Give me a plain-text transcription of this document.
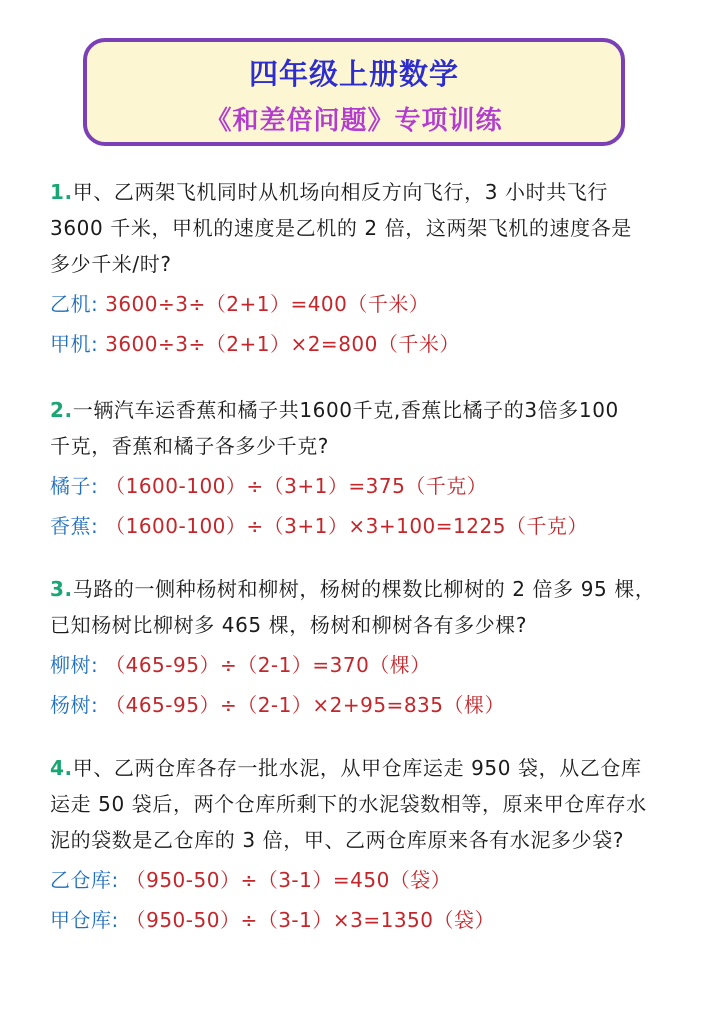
四年级上册数学
《和差倍问题》专项训练

1.甲、乙两架飞机同时从机场向相反方向飞行，3 小时共飞行

3600 千米，甲机的速度是乙机的 2 倍，这两架飞机的速度各是

多少千米/时?

乙机: 3600÷3÷（2+1）=400（千米）

甲机: 3600÷3÷（2+1）×2=800（千米）

2.一辆汽车运香蕉和橘子共1600千克,香蕉比橘子的3倍多100

千克，香蕉和橘子各多少千克?

橘子: （1600-100）÷（3+1）=375（千克）

香蕉: （1600-100）÷（3+1）×3+100=1225（千克）

3.马路的一侧种杨树和柳树，杨树的棵数比柳树的 2 倍多 95 棵，

已知杨树比柳树多 465 棵，杨树和柳树各有多少棵?

柳树: （465-95）÷（2-1）=370（棵）

杨树: （465-95）÷（2-1）×2+95=835（棵）

4.甲、乙两仓库各存一批水泥，从甲仓库运走 950 袋，从乙仓库

运走 50 袋后，两个仓库所剩下的水泥袋数相等，原来甲仓库存水

泥的袋数是乙仓库的 3 倍，甲、乙两仓库原来各有水泥多少袋?

乙仓库: （950-50）÷（3-1）=450（袋）

甲仓库: （950-50）÷（3-1）×3=1350（袋）
